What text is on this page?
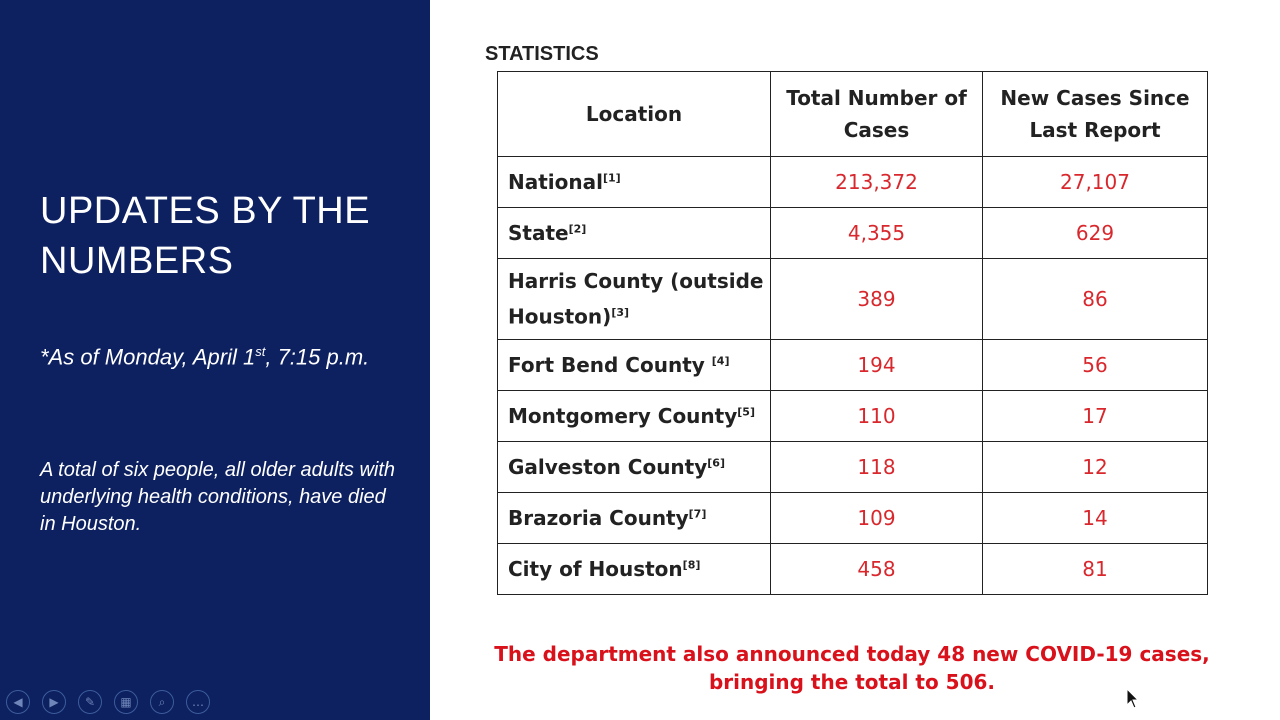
UPDATES BY THE NUMBERS
*As of Monday, April 1st, 7:15 p.m.
A total of six people, all older adults with underlying health conditions, have died in Houston.
◀ ▶ ✎ ▦ ⌕ …
STATISTICS
Location	Total Number of Cases	New Cases Since Last Report
National[1]	213,372	27,107
State[2]	4,355	629
Harris County (outside Houston)[3]	389	86
Fort Bend County [4]	194	56
Montgomery County[5]	110	17
Galveston County[6]	118	12
Brazoria County[7]	109	14
City of Houston[8]	458	81
The department also announced today 48 new COVID-19 cases, bringing the total to 506.
